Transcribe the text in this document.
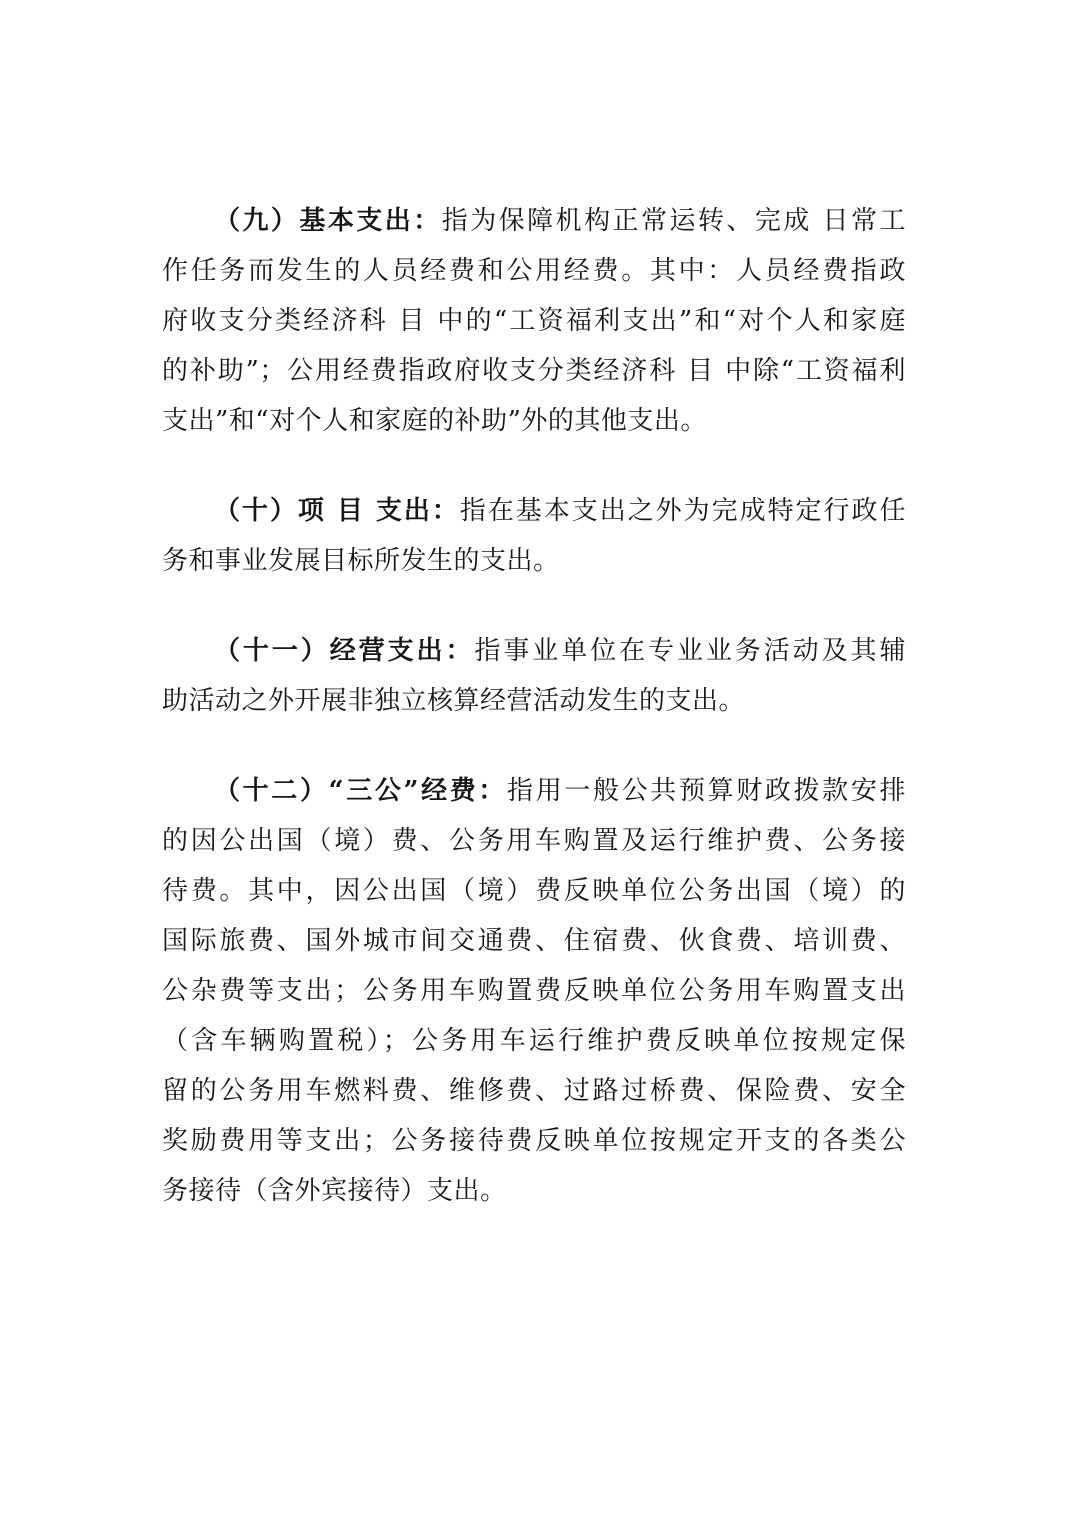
（九）基本支出：指为保障机构正常运转、完成 日常工
作任务而发生的人员经费和公用经费。其中：人员经费指政
府收支分类经济科 目 中的“工资福利支出”和“对个人和家庭
的补助”；公用经费指政府收支分类经济科 目 中除“工资福利
支出”和“对个人和家庭的补助”外的其他支出。
（十）项 目 支出：指在基本支出之外为完成特定行政任
务和事业发展目标所发生的支出。
（十一）经营支出：指事业单位在专业业务活动及其辅
助活动之外开展非独立核算经营活动发生的支出。
（十二）“三公”经费：指用一般公共预算财政拨款安排
的因公出国（境）费、公务用车购置及运行维护费、公务接
待费。其中，因公出国（境）费反映单位公务出国（境）的
国际旅费、国外城市间交通费、住宿费、伙食费、培训费、
公杂费等支出；公务用车购置费反映单位公务用车购置支出
（含车辆购置税）；公务用车运行维护费反映单位按规定保
留的公务用车燃料费、维修费、过路过桥费、保险费、安全
奖励费用等支出；公务接待费反映单位按规定开支的各类公
务接待（含外宾接待）支出。
